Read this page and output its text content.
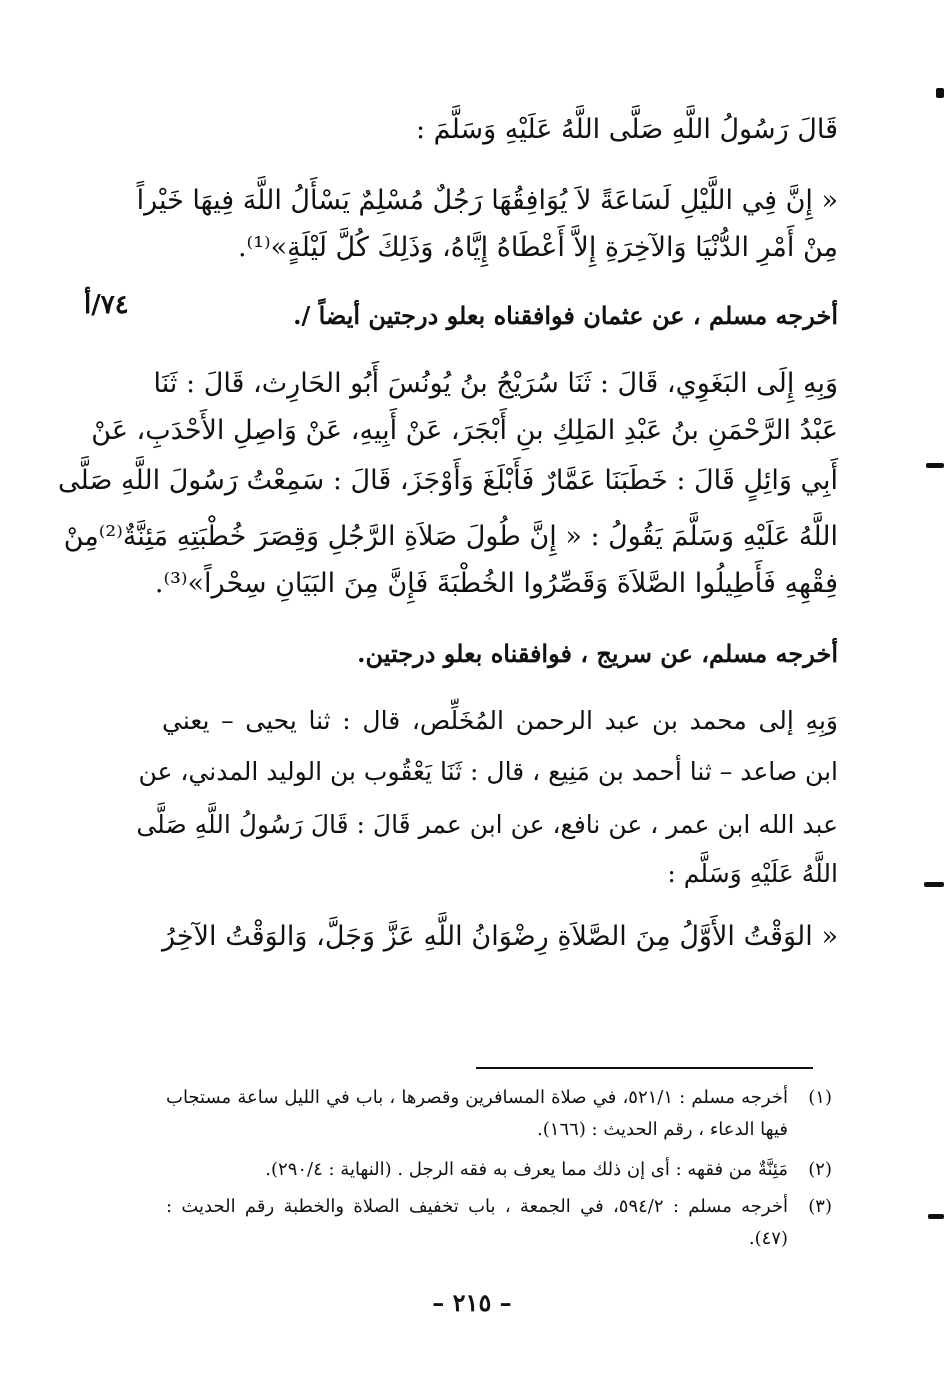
قَالَ رَسُولُ اللَّهِ صَلَّى اللَّهُ عَلَيْهِ وَسَلَّمَ :
« إِنَّ فِي اللَّيْلِ لَسَاعَةً لاَ يُوَافِقُهَا رَجُلٌ مُسْلِمٌ يَسْأَلُ اللَّهَ فِيهَا خَيْراً
مِنْ أَمْرِ الدُّنْيَا وَالآخِرَةِ إِلاَّ أَعْطَاهُ إِيَّاهُ، وَذَلِكَ كُلَّ لَيْلَةٍ»⁽¹⁾.
٧٤/أ	أخرجه مسلم ، عن عثمان فوافقناه بعلو درجتين أيضاً /.
وَبِهِ إِلَى البَغَوِي، قَالَ : ثَنَا سُرَيْجُ بنُ يُونُسَ أَبُو الحَارِث، قَالَ : ثَنَا
عَبْدُ الرَّحْمَنِ بنُ عَبْدِ المَلِكِ بنِ أَبْجَرَ، عَنْ أَبِيهِ، عَنْ وَاصِلِ الأَحْدَبِ، عَنْ
أَبِي وَائِلٍ قَالَ : خَطَبَنَا عَمَّارٌ فَأَبْلَغَ وَأَوْجَزَ، قَالَ : سَمِعْتُ رَسُولَ اللَّهِ صَلَّى
اللَّهُ عَلَيْهِ وَسَلَّمَ يَقُولُ : « إِنَّ طُولَ صَلاَةِ الرَّجُلِ وَقِصَرَ خُطْبَتِهِ مَئِنَّةٌ⁽²⁾مِنْ
فِقْهِهِ فَأَطِيلُوا الصَّلاَةَ وَقَصِّرُوا الخُطْبَةَ فَإِنَّ مِنَ البَيَانِ سِحْراً»⁽³⁾.
أخرجه مسلم، عن سريج ، فوافقناه بعلو درجتين.
وَبِهِ إلى محمد بن عبد الرحمن المُخَلِّص، قال : ثنا يحيى – يعني
ابن صاعد – ثنا أحمد بن مَنِيع ، قال : ثَنَا يَعْقُوب بن الوليد المدني، عن
عبد الله ابن عمر ، عن نافع، عن ابن عمر قَالَ : قَالَ رَسُولُ اللَّهِ صَلَّى
اللَّهُ عَلَيْهِ وَسَلَّم :
« الوَقْتُ الأَوَّلُ مِنَ الصَّلاَةِ رِضْوَانُ اللَّهِ عَزَّ وَجَلَّ، وَالوَقْتُ الآخِرُ
(١)
أخرجه مسلم : ٥٢١/١، في صلاة المسافرين وقصرها ، باب في الليل ساعة مستجاب
فيها الدعاء ، رقم الحديث : (١٦٦).
(٢)
مَئِنَّةٌ من فقهه : أى إن ذلك مما يعرف به فقه الرجل . (النهاية : ٢٩٠/٤).
(٣)
أخرجه مسلم : ٥٩٤/٢، في الجمعة ، باب تخفيف الصلاة والخطبة رقم الحديث :
(٤٧).
– ٢١٥ –
